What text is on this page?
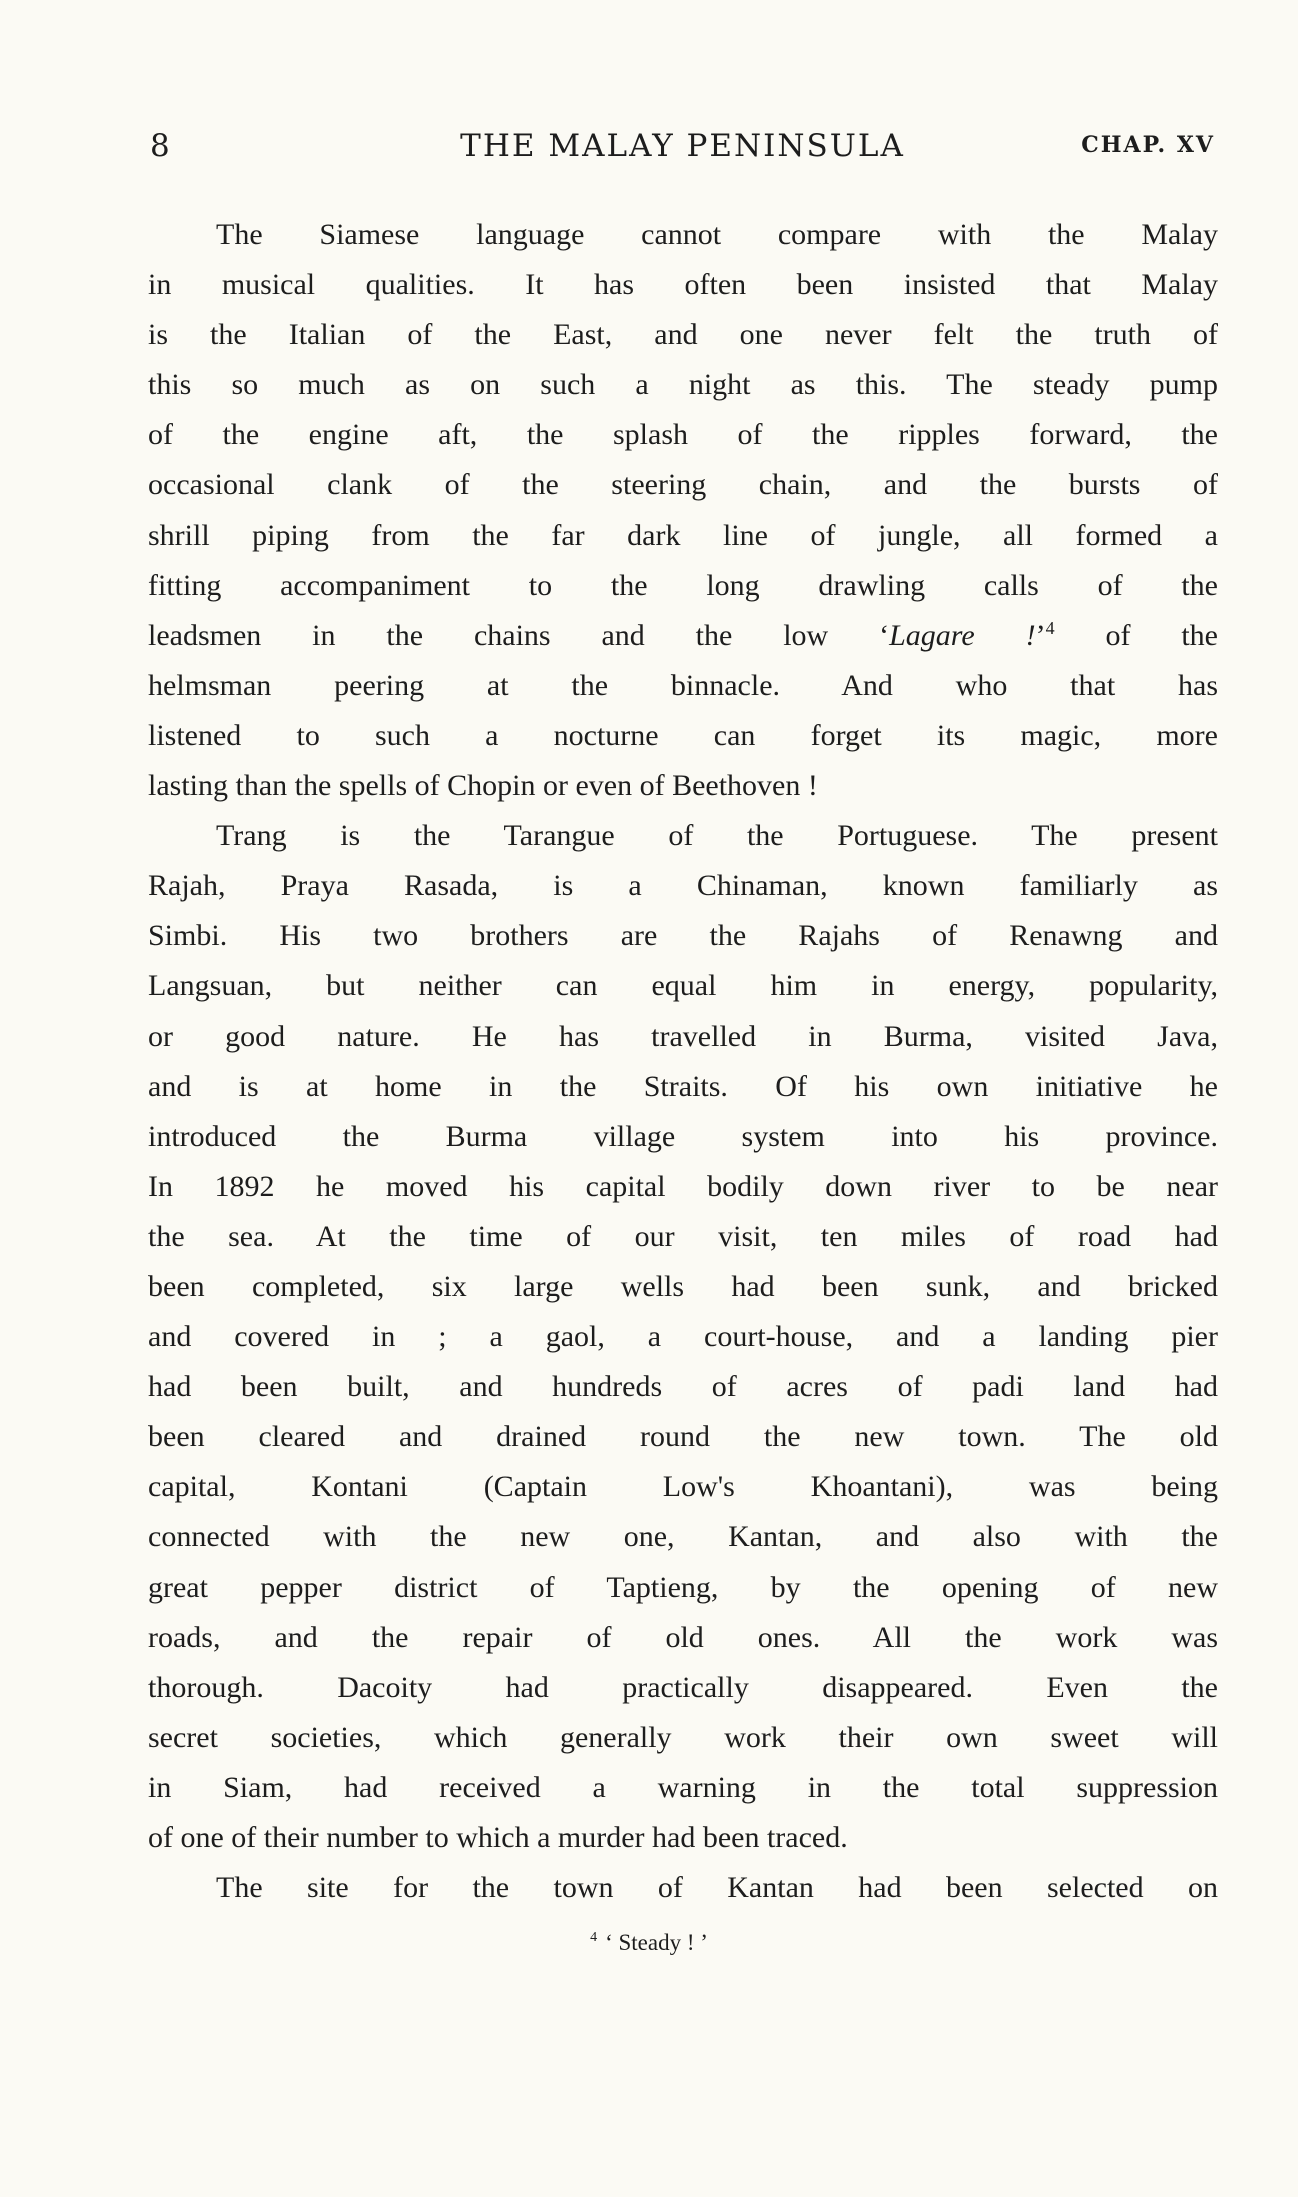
8	THE MALAY PENINSULA	CHAP. XV
The Siamese language cannot compare with the Malay
in musical qualities. It has often been insisted that Malay
is the Italian of the East, and one never felt the truth of
this so much as on such a night as this. The steady pump
of the engine aft, the splash of the ripples forward, the
occasional clank of the steering chain, and the bursts of
shrill piping from the far dark line of jungle, all formed a
fitting accompaniment to the long drawling calls of the
leadsmen in the chains and the low ‘Lagare !’$^4$ of the
helmsman peering at the binnacle. And who that has
listened to such a nocturne can forget its magic, more
lasting than the spells of Chopin or even of Beethoven !
Trang is the Tarangue of the Portuguese. The present
Rajah, Praya Rasada, is a Chinaman, known familiarly as
Simbi. His two brothers are the Rajahs of Renawng and
Langsuan, but neither can equal him in energy, popularity,
or good nature. He has travelled in Burma, visited Java,
and is at home in the Straits. Of his own initiative he
introduced the Burma village system into his province.
In 1892 he moved his capital bodily down river to be near
the sea. At the time of our visit, ten miles of road had
been completed, six large wells had been sunk, and bricked
and covered in ; a gaol, a court-house, and a landing pier
had been built, and hundreds of acres of padi land had
been cleared and drained round the new town. The old
capital, Kontani (Captain Low's Khoantani), was being
connected with the new one, Kantan, and also with the
great pepper district of Taptieng, by the opening of new
roads, and the repair of old ones. All the work was
thorough. Dacoity had practically disappeared. Even the
secret societies, which generally work their own sweet will
in Siam, had received a warning in the total suppression
of one of their number to which a murder had been traced.
The site for the town of Kantan had been selected on
$^4$ ‘ Steady ! ’
